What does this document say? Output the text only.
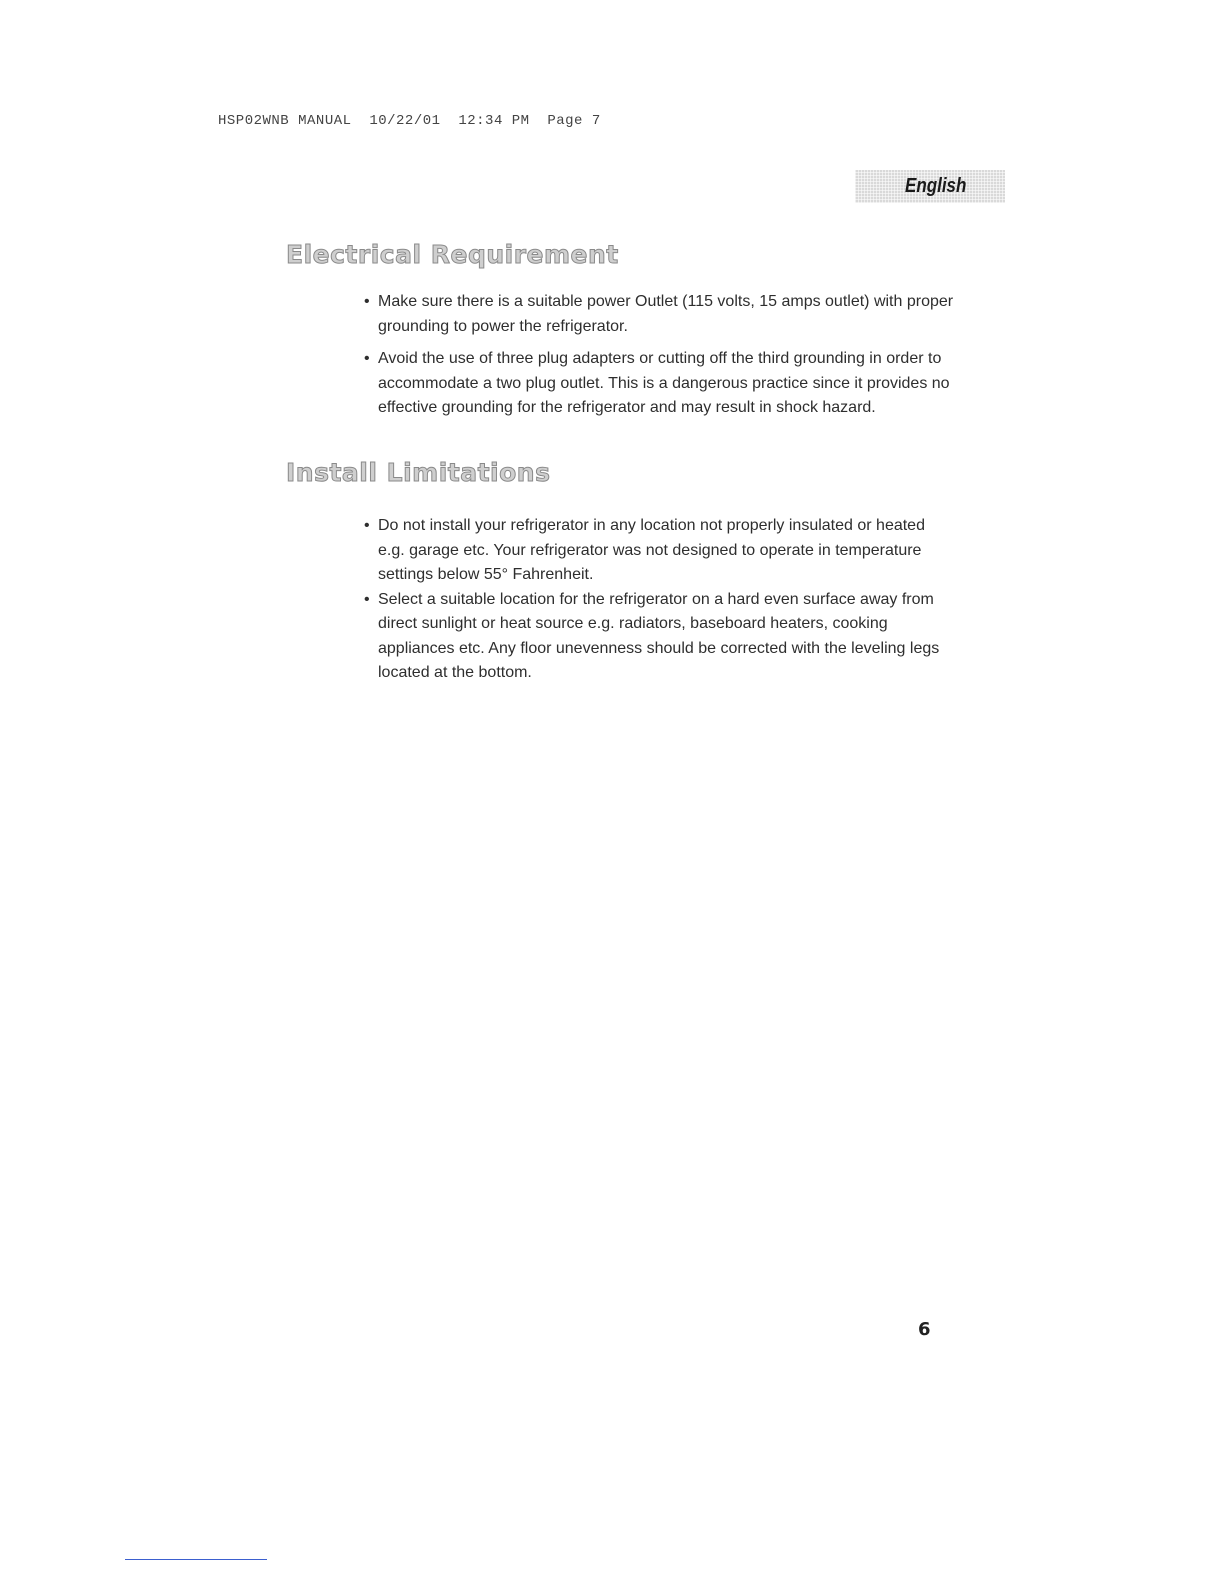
HSP02WNB MANUAL  10/22/01  12:34 PM  Page 7
English
Electrical Requirement
• Make sure there is a suitable power Outlet (115 volts, 15 amps outlet) with proper grounding to power the refrigerator.
• Avoid the use of three plug adapters or cutting off the third grounding in order to accommodate a two plug outlet. This is a dangerous practice since it provides no effective grounding for the refrigerator and may result in shock hazard.
Install Limitations
• Do not install your refrigerator in any location not properly insulated or heated e.g. garage etc. Your refrigerator was not designed to operate in temperature settings below 55° Fahrenheit.
• Select a suitable location for the refrigerator on a hard even surface away from direct sunlight or heat source e.g. radiators, baseboard heaters, cooking appliances etc. Any floor unevenness should be corrected with the leveling legs located at the bottom.
6
